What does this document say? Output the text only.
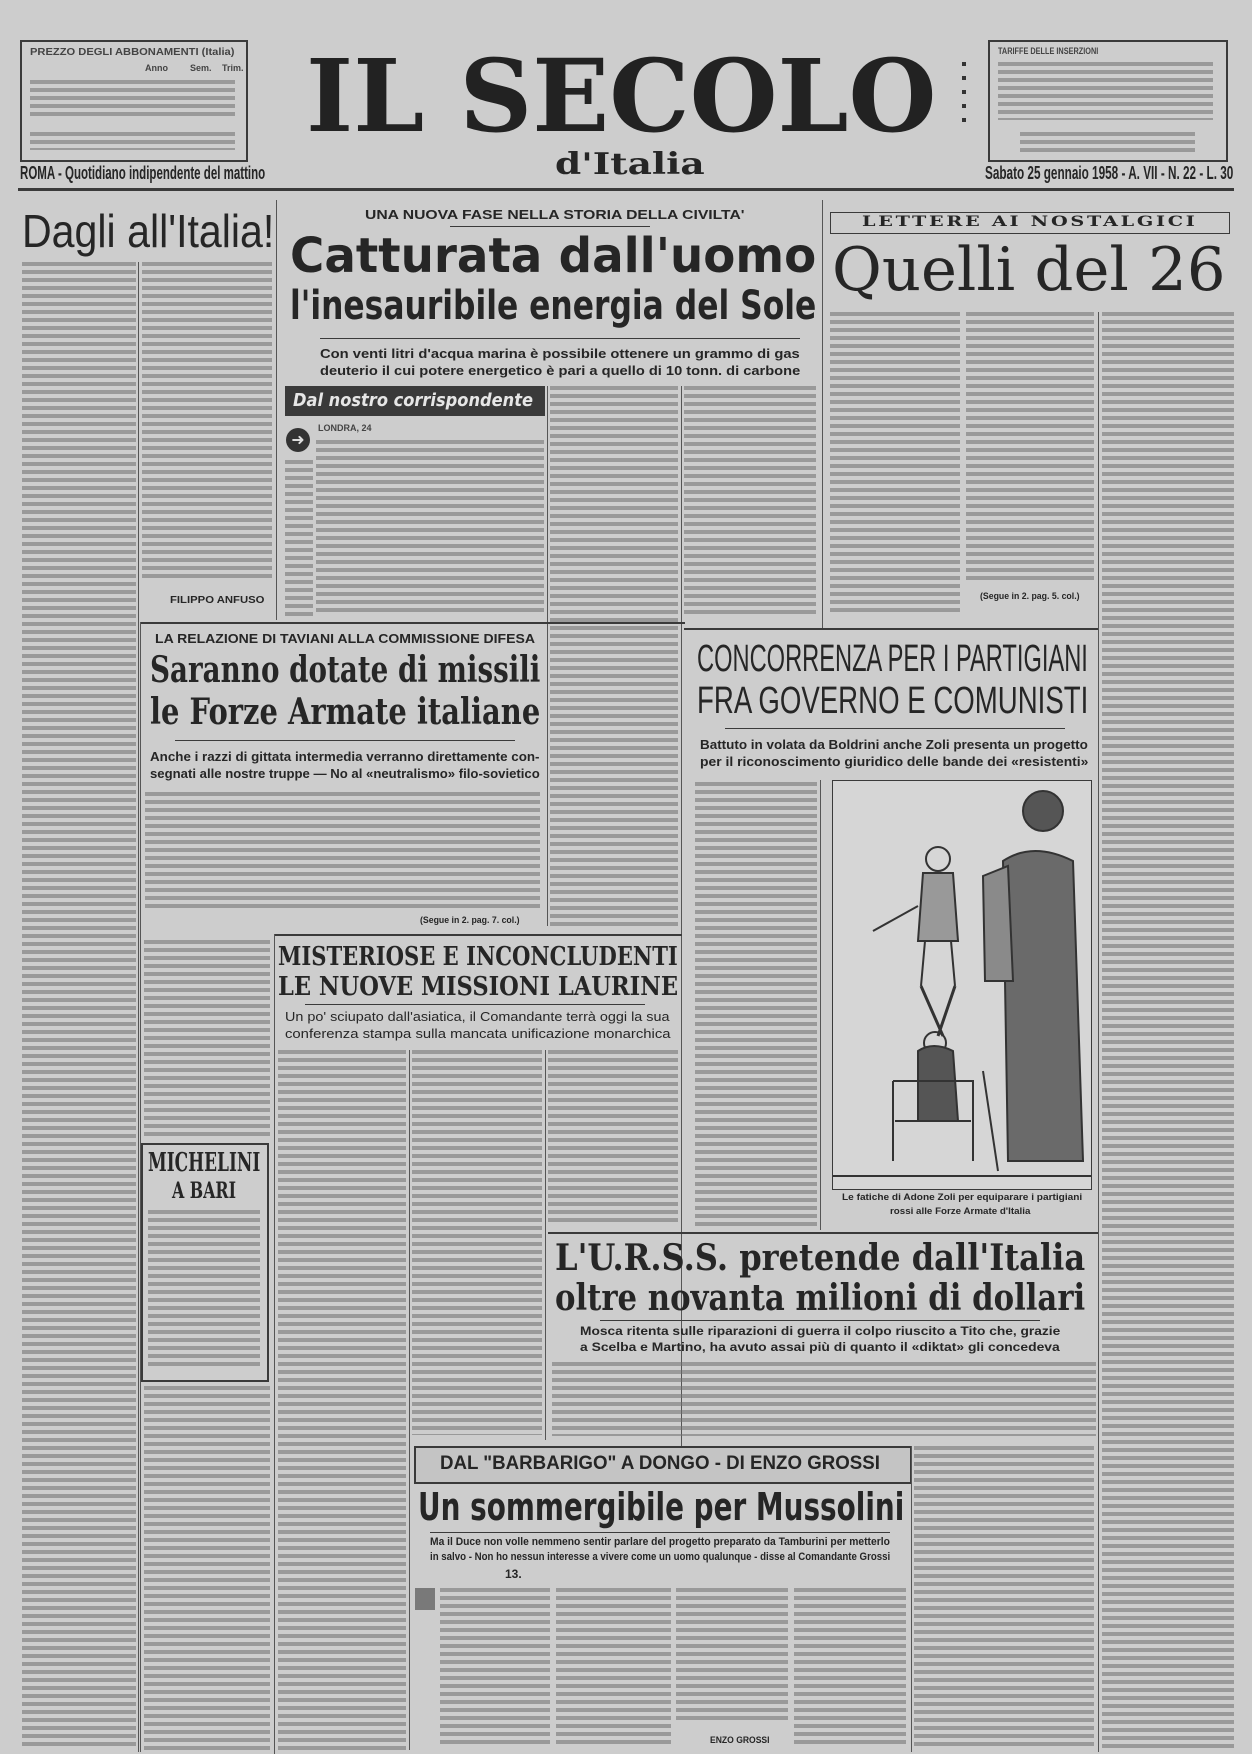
PREZZO DEGLI ABBONAMENTI (Italia)
Anno Sem. Trim. IL SECOLO
d'Italia
TARIFFE DELLE INSERZIONI
ROMA - Quotidiano indipendente del mattino	Sabato 25 gennaio 1958 - A. VII - N. 22 - L. 30
Dagli all'Italia!
FILIPPO ANFUSO
UNA NUOVA FASE NELLA STORIA DELLA CIVILTA'
Catturata dall'uomo
l'inesauribile energia del Sole
Con venti litri d'acqua marina è possibile ottenere un grammo di gas
deuterio il cui potere energetico è pari a quello di 10 tonn. di carbone
Dal nostro corrispondente
➜
LONDRA, 24
LETTERE AI NOSTALGICI
Quelli del 26
(Segue in 2. pag. 5. col.)
LA RELAZIONE DI TAVIANI ALLA COMMISSIONE DIFESA
Saranno dotate di missili
le Forze Armate italiane
Anche i razzi di gittata intermedia verranno direttamente con-
segnati alle nostre truppe — No al «neutralismo» filo-sovietico
(Segue in 2. pag. 7. col.)
CONCORRENZA PER I PARTIGIANI
FRA GOVERNO E COMUNISTI
Battuto in volata da Boldrini anche Zoli presenta un progetto
per il riconoscimento giuridico delle bande dei «resistenti»
Le fatiche di Adone Zoli per equiparare i partigiani
rossi alle Forze Armate d'Italia
MISTERIOSE E INCONCLUDENTI
LE NUOVE MISSIONI LAURINE
Un po' sciupato dall'asiatica, il Comandante terrà oggi la sua
conferenza stampa sulla mancata unificazione monarchica
MICHELINI
A BARI
L'U.R.S.S. pretende dall'Italia
oltre novanta milioni di dollari
Mosca ritenta sulle riparazioni di guerra il colpo riuscito a Tito che, grazie
a Scelba e Martino, ha avuto assai più di quanto il «diktat» gli concedeva
DAL "BARBARIGO" A DONGO - DI ENZO GROSSI
Un sommergibile per Mussolini
Ma il Duce non volle nemmeno sentir parlare del progetto preparato da Tamburini per metterlo
in salvo - Non ho nessun interesse a vivere come un uomo qualunque - disse al Comandante Grossi
13.
ENZO GROSSI
